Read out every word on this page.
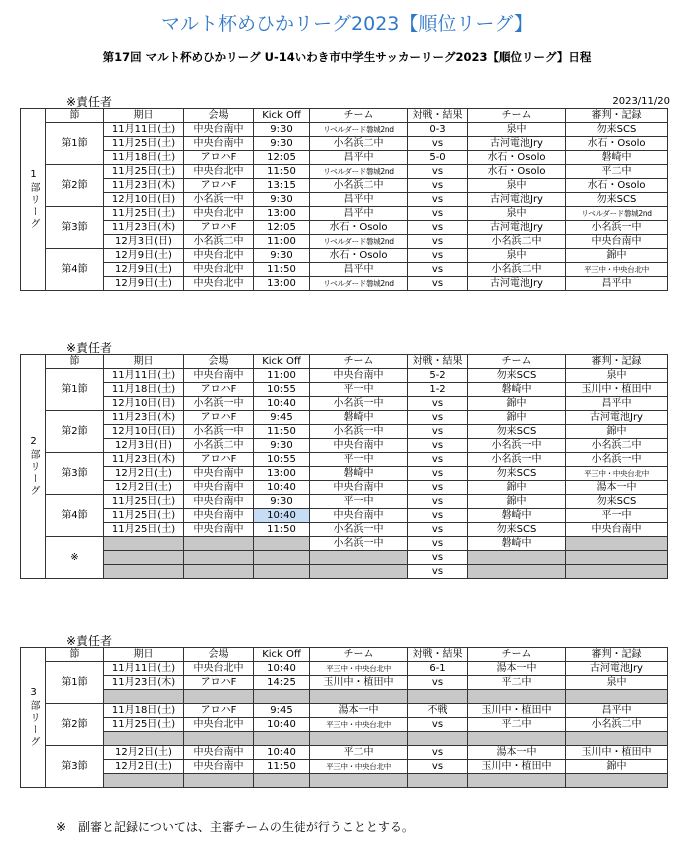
マルト杯めひかリーグ2023【順位リーグ】
第17回 マルト杯めひかリーグ U-14いわき市中学生サッカーリーグ2023【順位リーグ】日程
2023/11/20
※責任者
※責任者
※責任者
1部リーグ	節	期日	会場	Kick Off	チーム	対戦・結果	チーム	審判・記録
	第1節	11月11日(土)	中央台南中	9:30	リベルダード磐城2nd	0-3	泉中	勿来SCS
		11月25日(土)	中央台南中	9:30	小名浜二中	vs	古河電池Jry	水石・Osolo
		11月18日(土)	アロハF	12:05	昌平中	5-0	水石・Osolo	磐崎中
	第2節	11月25日(土)	中央台北中	11:50	リベルダード磐城2nd	vs	水石・Osolo	平二中
		11月23日(木)	アロハF	13:15	小名浜二中	vs	泉中	水石・Osolo
		12月10日(日)	小名浜一中	9:30	昌平中	vs	古河電池Jry	勿来SCS
	第3節	11月25日(土)	中央台北中	13:00	昌平中	vs	泉中	リベルダード磐城2nd
		11月23日(木)	アロハF	12:05	水石・Osolo	vs	古河電池Jry	小名浜一中
		12月3日(日)	小名浜二中	11:00	リベルダード磐城2nd	vs	小名浜二中	中央台南中
	第4節	12月9日(土)	中央台北中	9:30	水石・Osolo	vs	泉中	錦中
		12月9日(土)	中央台北中	11:50	昌平中	vs	小名浜二中	平三中・中央台北中
		12月9日(土)	中央台北中	13:00	リベルダード磐城2nd	vs	古河電池Jry	昌平中
2部リーグ	節	期日	会場	Kick Off	チーム	対戦・結果	チーム	審判・記録
	第1節	11月11日(土)	中央台南中	11:00	中央台南中	5-2	勿来SCS	泉中
		11月18日(土)	アロハF	10:55	平一中	1-2	磐崎中	玉川中・植田中
		12月10日(日)	小名浜一中	10:40	小名浜一中	vs	錦中	昌平中
	第2節	11月23日(木)	アロハF	9:45	磐崎中	vs	錦中	古河電池Jry
		12月10日(日)	小名浜一中	11:50	小名浜一中	vs	勿来SCS	錦中
		12月3日(日)	小名浜二中	9:30	中央台南中	vs	小名浜一中	小名浜二中
	第3節	11月23日(木)	アロハF	10:55	平一中	vs	小名浜一中	小名浜一中
		12月2日(土)	中央台南中	13:00	磐崎中	vs	勿来SCS	平三中・中央台北中
		12月2日(土)	中央台南中	10:40	中央台南中	vs	錦中	湯本一中
	第4節	11月25日(土)	中央台南中	9:30	平一中	vs	錦中	勿来SCS
		11月25日(土)	中央台南中	10:40	中央台南中	vs	磐崎中	平一中
		11月25日(土)	中央台南中	11:50	小名浜一中	vs	勿来SCS	中央台南中
	※				小名浜一中	vs	磐崎中	
						vs		
						vs		
3部リーグ	節	期日	会場	Kick Off	チーム	対戦・結果	チーム	審判・記録
	第1節	11月11日(土)	中央台北中	10:40	平三中・中央台北中	6-1	湯本一中	古河電池Jry
		11月23日(木)	アロハF	14:25	玉川中・植田中	vs	平二中	泉中

	第2節	11月18日(土)	アロハF	9:45	湯本一中	不戦	玉川中・植田中	昌平中
		11月25日(土)	中央台北中	10:40	平三中・中央台北中	vs	平二中	小名浜二中

	第3節	12月2日(土)	中央台南中	10:40	平二中	vs	湯本一中	玉川中・植田中
		12月2日(土)	中央台南中	11:50	平三中・中央台北中	vs	玉川中・植田中	錦中

※　副審と記録については、主審チームの生徒が行うこととする。
